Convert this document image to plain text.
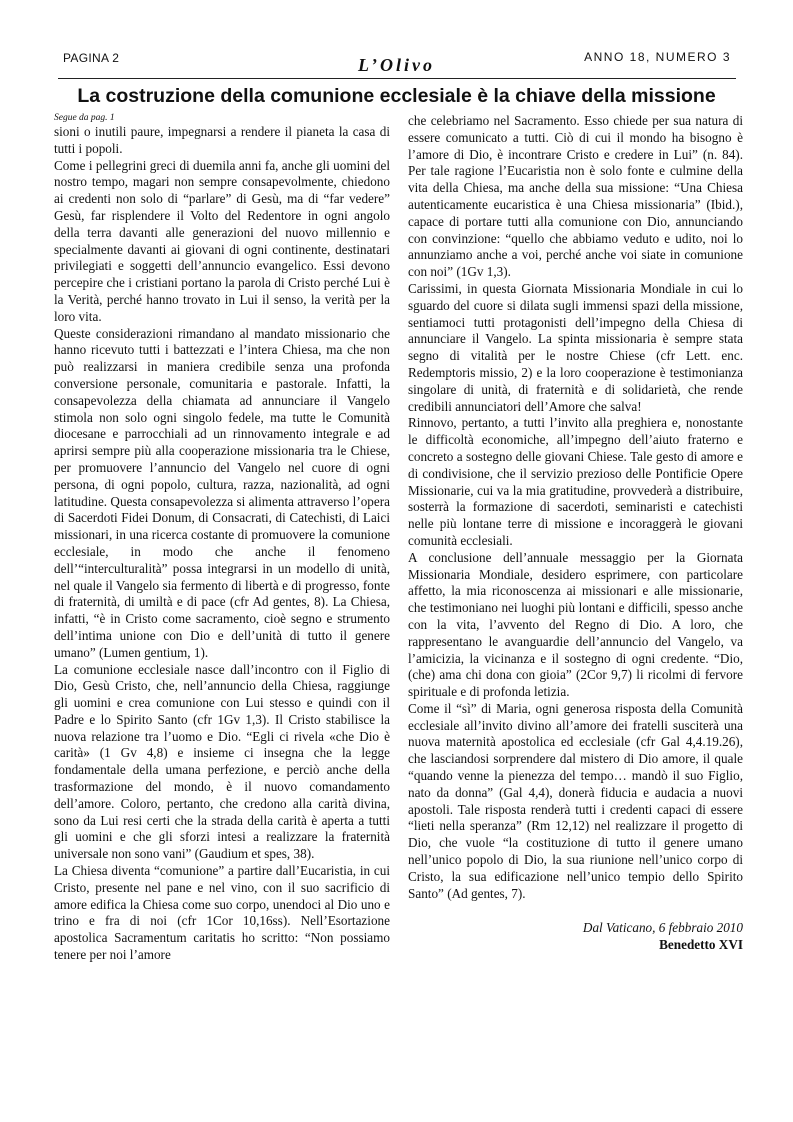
PAGINA 2	L’Olivo	ANNO 18, NUMERO 3
La costruzione della comunione ecclesiale è la chiave della missione

Segue da pag. 1

sioni o inutili paure, impegnarsi a rendere il pianeta la casa di tutti i popoli.

Come i pellegrini greci di duemila anni fa, anche gli uomini del nostro tempo, magari non sempre consapevolmente, chiedono ai credenti non solo di “parlare” di Gesù, ma di “far vedere” Gesù, far risplendere il Volto del Redentore in ogni angolo della terra davanti alle generazioni del nuovo millennio e specialmente davanti ai giovani di ogni continente, destinatari privilegiati e soggetti dell’annuncio evangelico. Essi devono percepire che i cristiani portano la parola di Cristo perché Lui è la Verità, perché hanno trovato in Lui il senso, la verità per la loro vita.

Queste considerazioni rimandano al mandato missionario che hanno ricevuto tutti i battezzati e l’intera Chiesa, ma che non può realizzarsi in maniera credibile senza una profonda conversione personale, comunitaria e pastorale. Infatti, la consapevolezza della chiamata ad annunciare il Vangelo stimola non solo ogni singolo fedele, ma tutte le Comunità diocesane e parrocchiali ad un rinnovamento integrale e ad aprirsi sempre più alla cooperazione missionaria tra le Chiese, per promuovere l’annuncio del Vangelo nel cuore di ogni persona, di ogni popolo, cultura, razza, nazionalità, ad ogni latitudine. Questa consapevolezza si alimenta attraverso l’opera di Sacerdoti Fidei Donum, di Consacrati, di Catechisti, di Laici missionari, in una ricerca costante di promuovere la comunione ecclesiale, in modo che anche il fenomeno dell’“interculturalità” possa integrarsi in un modello di unità, nel quale il Vangelo sia fermento di libertà e di progresso, fonte di fraternità, di umiltà e di pace (cfr Ad gentes, 8). La Chiesa, infatti, “è in Cristo come sacramento, cioè segno e strumento dell’intima unione con Dio e dell’unità di tutto il genere umano” (Lumen gentium, 1).

La comunione ecclesiale nasce dall’incontro con il Figlio di Dio, Gesù Cristo, che, nell’annuncio della Chiesa, raggiunge gli uomini e crea comunione con Lui stesso e quindi con il Padre e lo Spirito Santo (cfr 1Gv 1,3). Il Cristo stabilisce la nuova relazione tra l’uomo e Dio. “Egli ci rivela «che Dio è carità» (1 Gv 4,8) e insieme ci insegna che la legge fondamentale della umana perfezione, e perciò anche della trasformazione del mondo, è il nuovo comandamento dell’amore. Coloro, pertanto, che credono alla carità divina, sono da Lui resi certi che la strada della carità è aperta a tutti gli uomini e che gli sforzi intesi a realizzare la fraternità universale non sono vani” (Gaudium et spes, 38).

La Chiesa diventa “comunione” a partire dall’Eucaristia, in cui Cristo, presente nel pane e nel vino, con il suo sacrificio di amore edifica la Chiesa come suo corpo, unendoci al Dio uno e trino e fra di noi (cfr 1Cor 10,16ss). Nell’Esortazione apostolica Sacramentum caritatis ho scritto: “Non possiamo tenere per noi l’amore

che celebriamo nel Sacramento. Esso chiede per sua natura di essere comunicato a tutti. Ciò di cui il mondo ha bisogno è l’amore di Dio, è incontrare Cristo e credere in Lui” (n. 84). Per tale ragione l’Eucaristia non è solo fonte e culmine della vita della Chiesa, ma anche della sua missione: “Una Chiesa autenticamente eucaristica è una Chiesa missionaria” (Ibid.), capace di portare tutti alla comunione con Dio, annunciando con convinzione: “quello che abbiamo veduto e udito, noi lo annunziamo anche a voi, perché anche voi siate in comunione con noi” (1Gv 1,3).

Carissimi, in questa Giornata Missionaria Mondiale in cui lo sguardo del cuore si dilata sugli immensi spazi della missione, sentiamoci tutti protagonisti dell’impegno della Chiesa di annunciare il Vangelo. La spinta missionaria è sempre stata segno di vitalità per le nostre Chiese (cfr Lett. enc. Redemptoris missio, 2) e la loro cooperazione è testimonianza singolare di unità, di fraternità e di solidarietà, che rende credibili annunciatori dell’Amore che salva!

Rinnovo, pertanto, a tutti l’invito alla preghiera e, nonostante le difficoltà economiche, all’impegno dell’aiuto fraterno e concreto a sostegno delle giovani Chiese. Tale gesto di amore e di condivisione, che il servizio prezioso delle Pontificie Opere Missionarie, cui va la mia gratitudine, provvederà a distribuire, sosterrà la formazione di sacerdoti, seminaristi e catechisti nelle più lontane terre di missione e incoraggerà le giovani comunità ecclesiali.

A conclusione dell’annuale messaggio per la Giornata Missionaria Mondiale, desidero esprimere, con particolare affetto, la mia riconoscenza ai missionari e alle missionarie, che testimoniano nei luoghi più lontani e difficili, spesso anche con la vita, l’avvento del Regno di Dio. A loro, che rappresentano le avanguardie dell’annuncio del Vangelo, va l’amicizia, la vicinanza e il sostegno di ogni credente. “Dio, (che) ama chi dona con gioia” (2Cor 9,7) li ricolmi di fervore spirituale e di profonda letizia.

Come il “sì” di Maria, ogni generosa risposta della Comunità ecclesiale all’invito divino all’amore dei fratelli susciterà una nuova maternità apostolica ed ecclesiale (cfr Gal 4,4.19.26), che lasciandosi sorprendere dal mistero di Dio amore, il quale “quando venne la pienezza del tempo… mandò il suo Figlio, nato da donna” (Gal 4,4), donerà fiducia e audacia a nuovi apostoli. Tale risposta renderà tutti i credenti capaci di essere “lieti nella speranza” (Rm 12,12) nel realizzare il progetto di Dio, che vuole “la costituzione di tutto il genere umano nell’unico popolo di Dio, la sua riunione nell’unico corpo di Cristo, la sua edificazione nell’unico tempio dello Spirito Santo” (Ad gentes, 7).

Dal Vaticano, 6 febbraio 2010
Benedetto XVI
